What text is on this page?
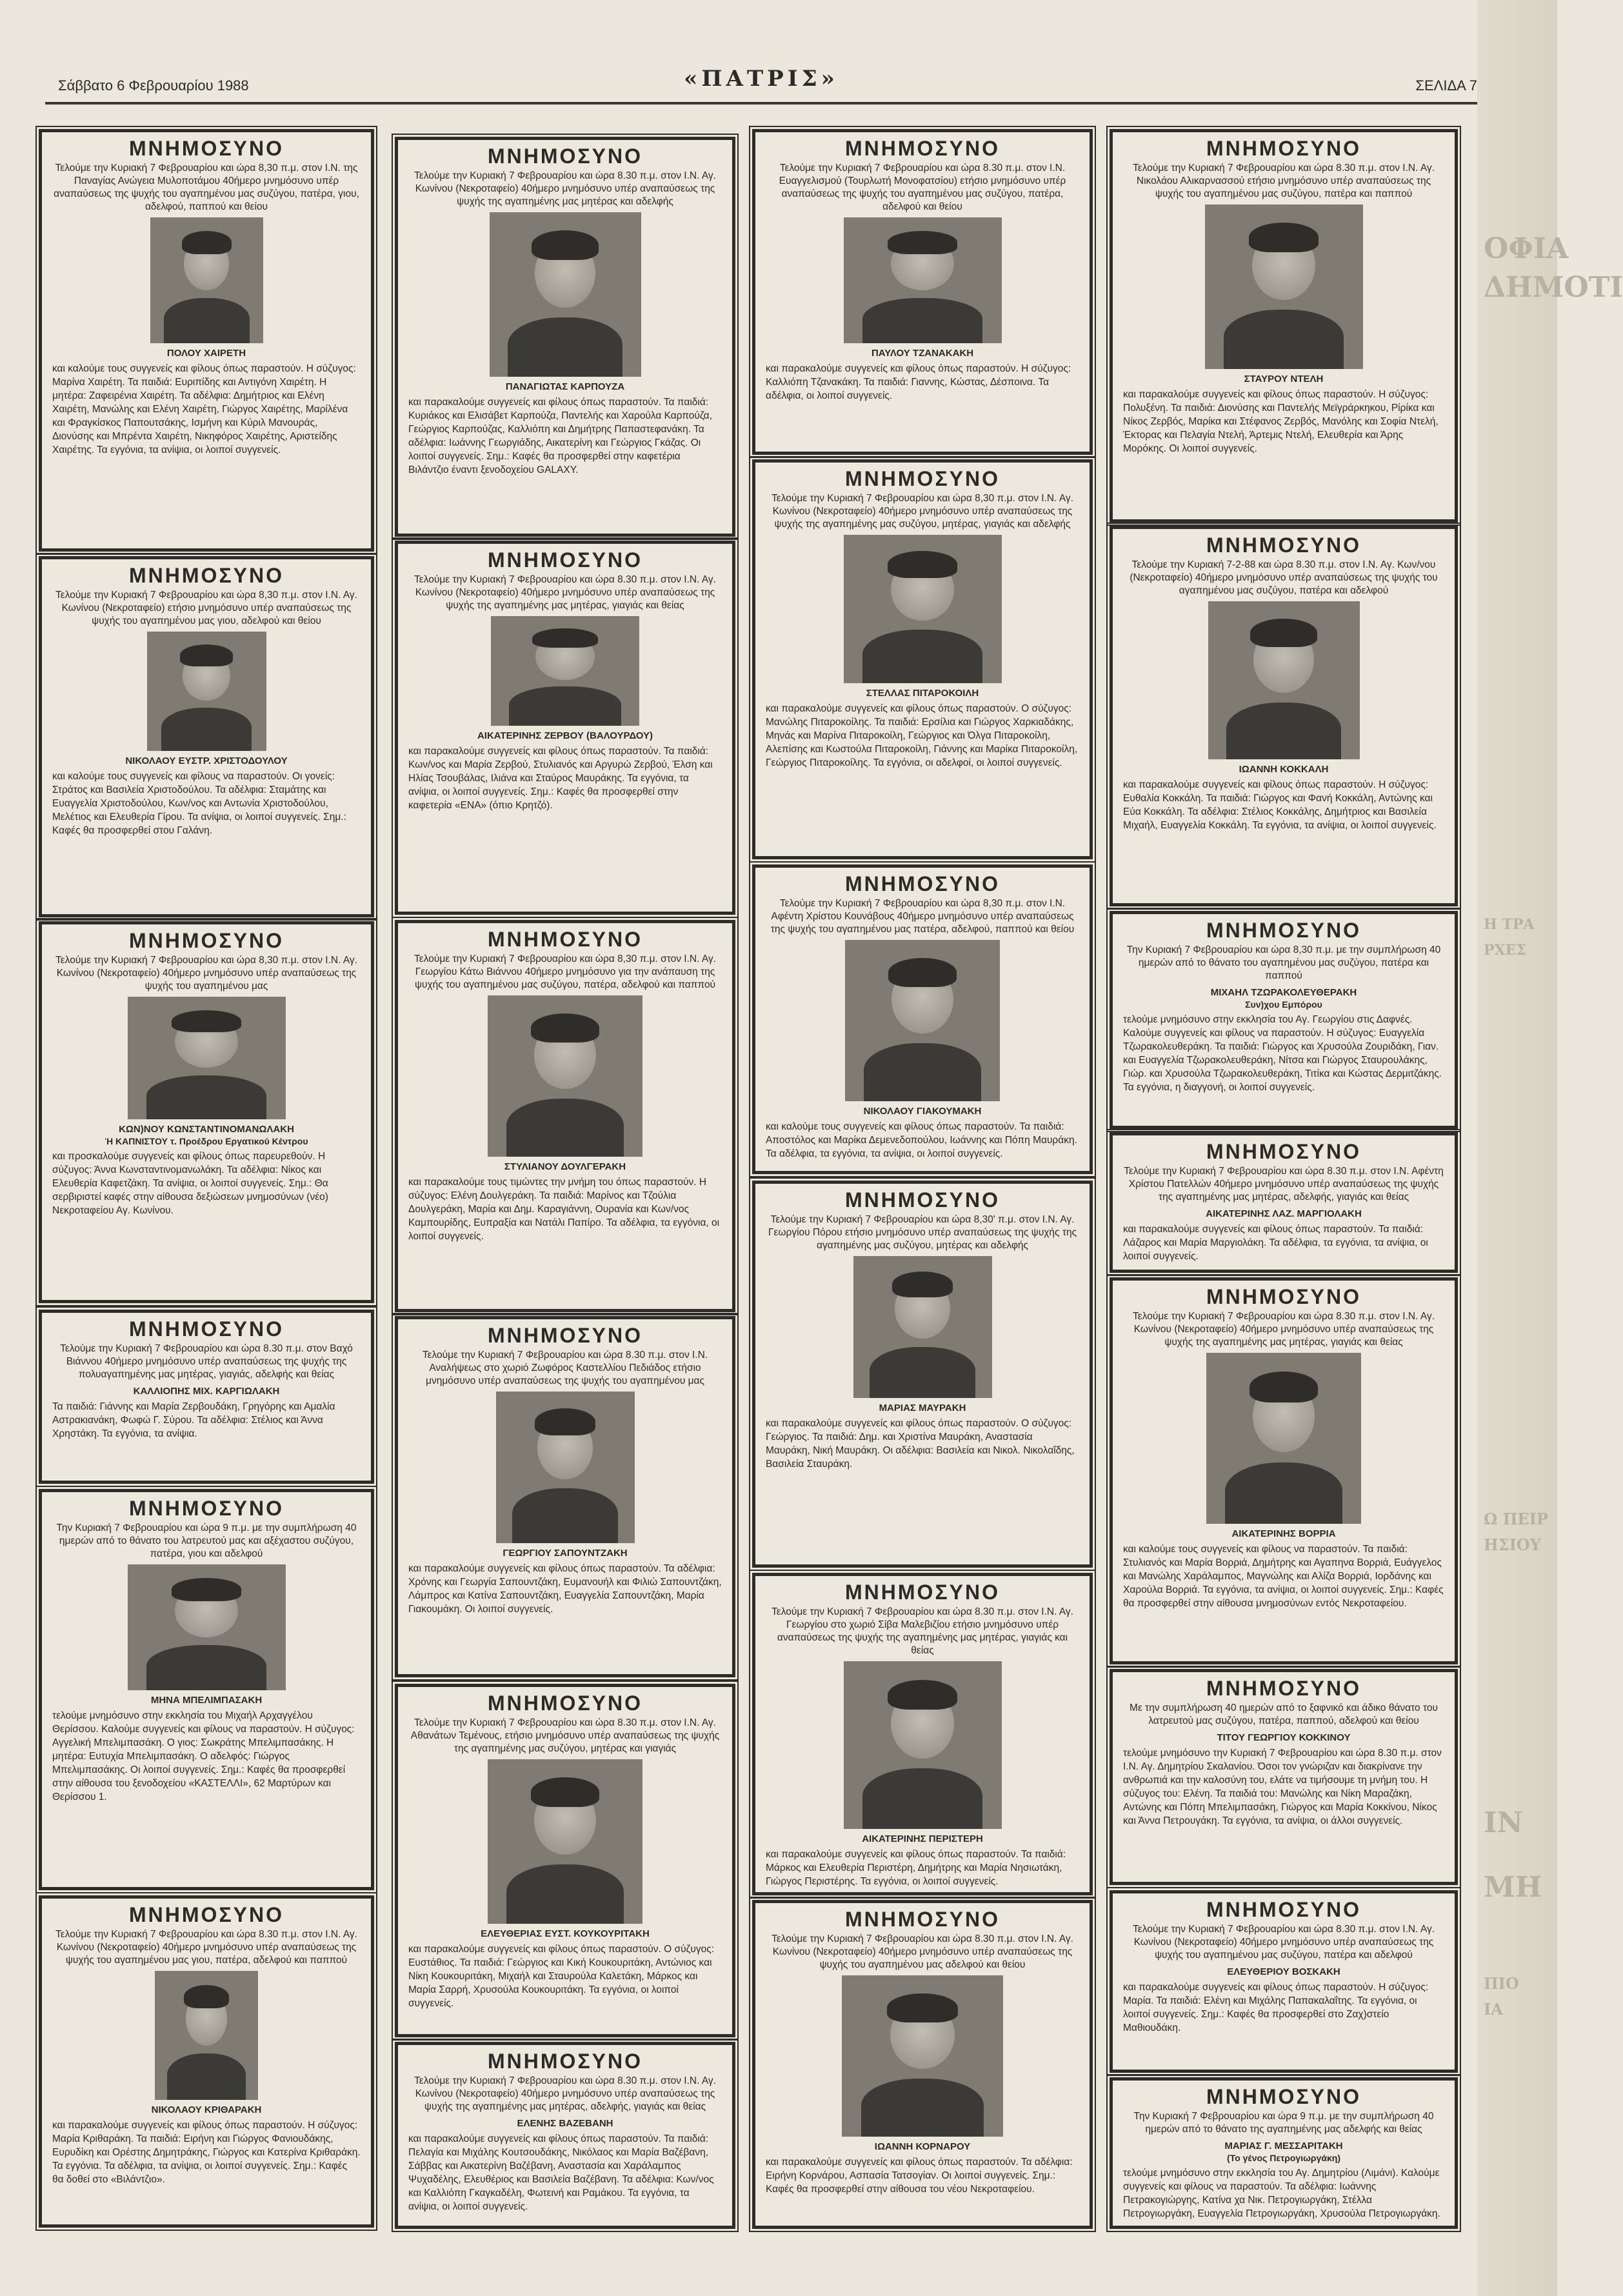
Σάββατο 6 Φεβρουαρίου 1988	«ΠΑΤΡΙΣ»	ΣΕΛΙΔΑ 7
ΟΦΙΑ
ΔΗΜΟΤΙ
ΙΝ
ΜΗ
Η ΤΡΑ
ΡΧΕΣ
Ω ΠΕΙΡ
ΗΣΙΟΥ
ΠΙΟ
ΙΑ
ΜΝΗΜΟΣΥΝΟ
Τελούμε την Κυριακή 7 Φεβρουαρίου και ώρα 8,30 π.μ. στον Ι.Ν. της Παναγίας Ανώγεια Μυλοποτάμου 40ήμερο μνημόσυνο υπέρ αναπαύσεως της ψυχής του αγαπημένου μας συζύγου, πατέρα, γιου, αδελφού, παππού και θείου
ΠΟΛΟΥ ΧΑΙΡΕΤΗ
και καλούμε τους συγγενείς και φίλους όπως παραστούν. Η σύζυγος: Μαρίνα Χαιρέτη. Τα παιδιά: Ευριπίδης και Αντιγόνη Χαιρέτη. Η μητέρα: Ζαφειρένια Χαιρέτη. Τα αδέλφια: Δημήτριος και Ελένη Χαιρέτη, Μανώλης και Ελένη Χαιρέτη, Γιώργος Χαιρέτης, Μαρίλένα και Φραγκίσκος Παπουτσάκης, Ισμήνη και Κύριλ Μανουράς, Διονύσης και Μπρέντα Χαιρέτη, Νικηφόρος Χαιρέτης, Αριστείδης Χαιρέτης. Τα εγγόνια, τα ανίψια, οι λοιποί συγγενείς.
ΜΝΗΜΟΣΥΝΟ
Τελούμε την Κυριακή 7 Φεβρουαρίου και ώρα 8,30 π.μ. στον Ι.Ν. Αγ. Κωνίνου (Νεκροταφείο) ετήσιο μνημόσυνο υπέρ αναπαύσεως της ψυχής του αγαπημένου μας γιου, αδελφού και θείου
ΝΙΚΟΛΑΟΥ ΕΥΣΤΡ. ΧΡΙΣΤΟΔΟΥΛΟΥ
και καλούμε τους συγγενείς και φίλους να παραστούν. Οι γονείς: Στράτος και Βασιλεία Χριστοδούλου. Τα αδέλφια: Σταμάτης και Ευαγγελία Χριστοδούλου, Κων/νος και Αντωνία Χριστοδούλου, Μελέτιος και Ελευθερία Γίρου. Τα ανίψια, οι λοιποί συγγενείς. Σημ.: Καφές θα προσφερθεί στου Γαλάνη.
ΜΝΗΜΟΣΥΝΟ
Τελούμε την Κυριακή 7 Φεβρουαρίου και ώρα 8,30 π.μ. στον Ι.Ν. Αγ. Κωνίνου (Νεκροταφείο) 40ήμερο μνημόσυνο υπέρ αναπαύσεως της ψυχής του αγαπημένου μας
ΚΩΝ)ΝΟΥ ΚΩΝΣΤΑΝΤΙΝΟΜΑΝΩΛΑΚΗ
Ή ΚΑΠΝΙΣΤΟΥ τ. Προέδρου Εργατικού Κέντρου
και προσκαλούμε συγγενείς και φίλους όπως παρευρεθούν. Η σύζυγος: Άννα Κωνσταντινομανωλάκη. Τα αδέλφια: Νίκος και Ελευθερία Καφετζάκη. Τα ανίψια, οι λοιποί συγγενείς. Σημ.: Θα σερβιριστεί καφές στην αίθουσα δεξιώσεων μνημοσύνων (νέο) Νεκροταφείου Αγ. Κωνίνου.
ΜΝΗΜΟΣΥΝΟ
Τελούμε την Κυριακή 7 Φεβρουαρίου και ώρα 8.30 π.μ. στον Βαχό Βιάννου 40ήμερο μνημόσυνο υπέρ αναπαύσεως της ψυχής της πολυαγαπημένης μας μητέρας, γιαγιάς, αδελφής και θείας
ΚΑΛΛΙΟΠΗΣ ΜΙΧ. ΚΑΡΓΙΩΛΑΚΗ
Τα παιδιά: Γιάννης και Μαρία Ζερβουδάκη, Γρηγόρης και Αμαλία Αστρακιανάκη, Φωφώ Γ. Σύρου. Τα αδέλφια: Στέλιος και Άννα Χρηστάκη. Τα εγγόνια, τα ανίψια.
ΜΝΗΜΟΣΥΝΟ
Την Κυριακή 7 Φεβρουαρίου και ώρα 9 π.μ. με την συμπλήρωση 40 ημερών από το θάνατο του λατρευτού μας και αξέχαστου συζύγου, πατέρα, γιου και αδελφού
ΜΗΝΑ ΜΠΕΛΙΜΠΑΣΑΚΗ
τελούμε μνημόσυνο στην εκκλησία του Μιχαήλ Αρχαγγέλου Θερίσσου. Καλούμε συγγενείς και φίλους να παραστούν. Η σύζυγος: Αγγελική Μπελιμπασάκη. Ο γιος: Σωκράτης Μπελιμπασάκης. Η μητέρα: Ευτυχία Μπελιμπασάκη. Ο αδελφός: Γιώργος Μπελιμπασάκης. Οι λοιποί συγγενείς. Σημ.: Καφές θα προσφερθεί στην αίθουσα του ξενοδοχείου «ΚΑΣΤΕΛΛΙ», 62 Μαρτύρων και Θερίσσου 1.
ΜΝΗΜΟΣΥΝΟ
Τελούμε την Κυριακή 7 Φεβρουαρίου και ώρα 8.30 π.μ. στον Ι.Ν. Αγ. Κωνίνου (Νεκροταφείο) 40ήμερο μνημόσυνο υπέρ αναπαύσεως της ψυχής του αγαπημένου μας γιου, πατέρα, αδελφού και παππού
ΝΙΚΟΛΑΟΥ ΚΡΙΘΑΡΑΚΗ
και παρακαλούμε συγγενείς και φίλους όπως παραστούν. Η σύζυγος: Μαρία Κριθαράκη. Τα παιδιά: Ειρήνη και Γιώργος Φανιουδάκης, Ευρυδίκη και Ορέστης Δημητράκης, Γιώργος και Κατερίνα Κριθαράκη. Τα εγγόνια. Τα αδέλφια, τα ανίψια, οι λοιποί συγγενείς. Σημ.: Καφές θα δοθεί στο «Βιλάντζιο».
ΜΝΗΜΟΣΥΝΟ
Τελούμε την Κυριακή 7 Φεβρουαρίου και ώρα 8.30 π.μ. στον Ι.Ν. Αγ. Κωνίνου (Νεκροταφείο) 40ήμερο μνημόσυνο υπέρ αναπαύσεως της ψυχής της αγαπημένης μας μητέρας και αδελφής
ΠΑΝΑΓΙΩΤΑΣ ΚΑΡΠΟΥΖΑ
και παρακαλούμε συγγενείς και φίλους όπως παραστούν. Τα παιδιά: Κυριάκος και Ελισάβετ Καρπούζα, Παντελής και Χαρούλα Καρπούζα, Γεώργιος Καρπούζας, Καλλιόπη και Δημήτρης Παπαστεφανάκη. Τα αδέλφια: Ιωάννης Γεωργιάδης, Αικατερίνη και Γεώργιος Γκάζας. Οι λοιποί συγγενείς. Σημ.: Καφές θα προσφερθεί στην καφετέρια Βιλάντζιο έναντι ξενοδοχείου GALAXY.
ΜΝΗΜΟΣΥΝΟ
Τελούμε την Κυριακή 7 Φεβρουαρίου και ώρα 8.30 π.μ. στον Ι.Ν. Αγ. Κωνίνου (Νεκροταφείο) 40ήμερο μνημόσυνο υπέρ αναπαύσεως της ψυχής της αγαπημένης μας μητέρας, γιαγιάς και θείας
ΑΙΚΑΤΕΡΙΝΗΣ ΖΕΡΒΟΥ (ΒΑΛΟΥΡΔΟΥ)
και παρακαλούμε συγγενείς και φίλους όπως παραστούν. Τα παιδιά: Κων/νος και Μαρία Ζερβού, Στυλιανός και Αργυρώ Ζερβού, Έλση και Ηλίας Τσουβάλας, Ιλιάνα και Σταύρος Μαυράκης. Τα εγγόνια, τα ανίψια, οι λοιποί συγγενείς. Σημ.: Καφές θα προσφερθεί στην καφετερία «ΕΝΑ» (όπιο Κρητζό).
ΜΝΗΜΟΣΥΝΟ
Τελούμε την Κυριακή 7 Φεβρουαρίου και ώρα 8,30 π.μ. στον Ι.Ν. Αγ. Γεωργίου Κάτω Βιάννου 40ήμερο μνημόσυνο για την ανάπαυση της ψυχής του αγαπημένου μας συζύγου, πατέρα, αδελφού και παππού
ΣΤΥΛΙΑΝΟΥ ΔΟΥΛΓΕΡΑΚΗ
και παρακαλούμε τους τιμώντες την μνήμη του όπως παραστούν. Η σύζυγος: Ελένη Δουλγεράκη. Τα παιδιά: Μαρίνος και Τζούλια Δουλγεράκη, Μαρία και Δημ. Καραγιάννη, Ουρανία και Κων/νος Καμπουρίδης, Ευπραξία και Νατάλι Παπίρο. Τα αδέλφια, τα εγγόνια, οι λοιποί συγγενείς.
ΜΝΗΜΟΣΥΝΟ
Τελούμε την Κυριακή 7 Φεβρουαρίου και ώρα 8.30 π.μ. στον Ι.Ν. Αναλήψεως στο χωριό Ζωφόρος Καστελλίου Πεδιάδος ετήσιο μνημόσυνο υπέρ αναπαύσεως της ψυχής του αγαπημένου μας
ΓΕΩΡΓΙΟΥ ΣΑΠΟΥΝΤΖΑΚΗ
και παρακαλούμε συγγενείς και φίλους όπως παραστούν. Τα αδέλφια: Χρόνης και Γεωργία Σαπουντζάκη, Ευμανουήλ και Φιλιώ Σαπουντζάκη, Λάμπρος και Κατίνα Σαπουντζάκη, Ευαγγελία Σαπουντζάκη, Μαρία Γιακουμάκη. Οι λοιποί συγγενείς.
ΜΝΗΜΟΣΥΝΟ
Τελούμε την Κυριακή 7 Φεβρουαρίου και ώρα 8.30 π.μ. στον Ι.Ν. Αγ. Αθανάτων Τεμένους, ετήσιο μνημόσυνο υπέρ αναπαύσεως της ψυχής της αγαπημένης μας συζύγου, μητέρας και γιαγιάς
ΕΛΕΥΘΕΡΙΑΣ ΕΥΣΤ. ΚΟΥΚΟΥΡΙΤΑΚΗ
και παρακαλούμε συγγενείς και φίλους όπως παραστούν. Ο σύζυγος: Ευστάθιος. Τα παιδιά: Γεώργιος και Κική Κουκουριτάκη, Αντώνιος και Νίκη Κουκουριτάκη, Μιχαήλ και Σταυρούλα Καλετάκη, Μάρκος και Μαρία Σαρρή, Χρυσούλα Κουκουριτάκη. Τα εγγόνια, οι λοιποί συγγενείς.
ΜΝΗΜΟΣΥΝΟ
Τελούμε την Κυριακή 7 Φεβρουαρίου και ώρα 8.30 π.μ. στον Ι.Ν. Αγ. Κωνίνου (Νεκροταφείο) 40ήμερο μνημόσυνο υπέρ αναπαύσεως της ψυχής της αγαπημένης μας μητέρας, αδελφής, γιαγιάς και θείας
ΕΛΕΝΗΣ ΒΑΖΕΒΑΝΗ
και παρακαλούμε συγγενείς και φίλους όπως παραστούν. Τα παιδιά: Πελαγία και Μιχάλης Κουτσουδάκης, Νικόλαος και Μαρία Βαζέβανη, Σάββας και Αικατερίνη Βαζέβανη, Αναστασία και Χαράλαμπος Ψυχαδέλης, Ελευθέριος και Βασιλεία Βαζέβανη. Τα αδέλφια: Κων/νος και Καλλιόπη Γκαγκαδέλη, Φωτεινή και Ραμάκου. Τα εγγόνια, τα ανίψια, οι λοιποί συγγενείς.
ΜΝΗΜΟΣΥΝΟ
Τελούμε την Κυριακή 7 Φεβρουαρίου και ώρα 8.30 π.μ. στον Ι.Ν. Ευαγγελισμού (Τουρλωτή Μονοφατσίου) ετήσιο μνημόσυνο υπέρ αναπαύσεως της ψυχής του αγαπημένου μας συζύγου, πατέρα, αδελφού και θείου
ΠΑΥΛΟΥ ΤΖΑΝΑΚΑΚΗ
και παρακαλούμε συγγενείς και φίλους όπως παραστούν. Η σύζυγος: Καλλιόπη Τζανακάκη. Τα παιδιά: Γιαννης, Κώστας, Δέσποινα. Τα αδέλφια, οι λοιποί συγγενείς.
ΜΝΗΜΟΣΥΝΟ
Τελούμε την Κυριακή 7 Φεβρουαρίου και ώρα 8,30 π.μ. στον Ι.Ν. Αγ. Κωνίνου (Νεκροταφείο) 40ήμερο μνημόσυνο υπέρ αναπαύσεως της ψυχής της αγαπημένης μας συζύγου, μητέρας, γιαγιάς και αδελφής
ΣΤΕΛΛΑΣ ΠΙΤΑΡΟΚΟΙΛΗ
και παρακαλούμε συγγενείς και φίλους όπως παραστούν. Ο σύζυγος: Μανώλης Πιταροκοίλης. Τα παιδιά: Ερσίλια και Γιώργος Χαρκιαδάκης, Μηνάς και Μαρίνα Πιταροκοίλη, Γεώργιος και Όλγα Πιταροκοίλη, Αλεπίσης και Κωστούλα Πιταροκοίλη, Γιάννης και Μαρίκα Πιταροκοίλη, Γεώργιος Πιταροκοίλης. Τα εγγόνια, οι αδελφοί, οι λοιποί συγγενείς.
ΜΝΗΜΟΣΥΝΟ
Τελούμε την Κυριακή 7 Φεβρουαρίου και ώρα 8,30 π.μ. στον Ι.Ν. Αφέντη Χρίστου Κουνάβους 40ήμερο μνημόσυνο υπέρ αναπαύσεως της ψυχής του αγαπημένου μας πατέρα, αδελφού, παππού και θείου
ΝΙΚΟΛΑΟΥ ΓΙΑΚΟΥΜΑΚΗ
και καλούμε τους συγγενείς και φίλους όπως παραστούν. Τα παιδιά: Αποστόλος και Μαρίκα Δεμενεδοπούλου, Ιωάννης και Πόπη Μαυράκη. Τα αδέλφια, τα εγγόνια, τα ανίψια, οι λοιποί συγγενείς.
ΜΝΗΜΟΣΥΝΟ
Τελούμε την Κυριακή 7 Φεβρουαρίου και ώρα 8,30' π.μ. στον Ι.Ν. Αγ. Γεωργίου Πόρου ετήσιο μνημόσυνο υπέρ αναπαύσεως της ψυχής της αγαπημένης μας συζύγου, μητέρας και αδελφής
ΜΑΡΙΑΣ ΜΑΥΡΑΚΗ
και παρακαλούμε συγγενείς και φίλους όπως παραστούν. Ο σύζυγος: Γεώργιος. Τα παιδιά: Δημ. και Χριστίνα Μαυράκη, Αναστασία Μαυράκη, Νική Μαυράκη. Οι αδέλφια: Βασιλεία και Νικολ. Νικολαΐδης, Βασιλεία Σταυράκη.
ΜΝΗΜΟΣΥΝΟ
Τελούμε την Κυριακή 7 Φεβρουαρίου και ώρα 8.30 π.μ. στον Ι.Ν. Αγ. Γεωργίου στο χωριό Σίβα Μαλεβιζίου ετήσιο μνημόσυνο υπέρ αναπαύσεως της ψυχής της αγαπημένης μας μητέρας, γιαγιάς και θείας
ΑΙΚΑΤΕΡΙΝΗΣ ΠΕΡΙΣΤΕΡΗ
και παρακαλούμε συγγενείς και φίλους όπως παραστούν. Τα παιδιά: Μάρκος και Ελευθερία Περιστέρη, Δημήτρης και Μαρία Νησιωτάκη, Γιώργος Περιστέρης. Τα εγγόνια, οι λοιποί συγγενείς.
ΜΝΗΜΟΣΥΝΟ
Τελούμε την Κυριακή 7 Φεβρουαρίου και ώρα 8.30 π.μ. στον Ι.Ν. Αγ. Κωνίνου (Νεκροταφείο) 40ήμερο μνημόσυνο υπέρ αναπαύσεως της ψυχής του αγαπημένου μας αδελφού και θείου
ΙΩΑΝΝΗ ΚΟΡΝΑΡΟΥ
και παρακαλούμε συγγενείς και φίλους όπως παραστούν. Τα αδέλφια: Ειρήνη Κορνάρου, Ασπασία Τατσογίαν. Οι λοιποί συγγενείς. Σημ.: Καφές θα προσφερθεί στην αίθουσα του νέου Νεκροταφείου.
ΜΝΗΜΟΣΥΝΟ
Τελούμε την Κυριακή 7 Φεβρουαρίου και ώρα 8.30 π.μ. στον Ι.Ν. Αγ. Νικολάου Αλικαρνασσού ετήσιο μνημόσυνο υπέρ αναπαύσεως της ψυχής του αγαπημένου μας συζύγου, πατέρα και παππού
ΣΤΑΥΡΟΥ ΝΤΕΛΗ
και παρακαλούμε συγγενείς και φίλους όπως παραστούν. Η σύζυγος: Πολυξένη. Τα παιδιά: Διονύσης και Παντελής Μεϊγράρκηκου, Ρίρίκα και Νίκος Ζερβός, Μαρίκα και Στέφανος Ζερβός, Μανόλης και Σοφία Ντελή, Έκτορας και Πελαγία Ντελή, Άρτεμις Ντελή, Ελευθερία και Άρης Μορόκης. Οι λοιποί συγγενείς.
ΜΝΗΜΟΣΥΝΟ
Τελούμε την Κυριακή 7-2-88 και ώρα 8.30 π.μ. στον Ι.Ν. Αγ. Κων/νου (Νεκροταφείο) 40ήμερο μνημόσυνο υπέρ αναπαύσεως της ψυχής του αγαπημένου μας συζύγου, πατέρα και αδελφού
ΙΩΑΝΝΗ ΚΟΚΚΑΛΗ
και παρακαλούμε συγγενείς και φίλους όπως παραστούν. Η σύζυγος: Ευθαλία Κοκκάλη. Τα παιδιά: Γιώργος και Φανή Κοκκάλη, Αντώνης και Εύα Κοκκάλη. Τα αδέλφια: Στέλιος Κοκκάλης, Δημήτριος και Βασιλεία Μιχαήλ, Ευαγγελία Κοκκάλη. Τα εγγόνια, τα ανίψια, οι λοιποί συγγενείς.
ΜΝΗΜΟΣΥΝΟ
Την Κυριακή 7 Φεβρουαρίου και ώρα 8,30 π.μ. με την συμπλήρωση 40 ημερών από το θάνατο του αγαπημένου μας συζύγου, πατέρα και παππού
ΜΙΧΑΗΛ ΤΖΩΡΑΚΟΛΕΥΘΕΡΑΚΗ
Συν)χου Εμπόρου
τελούμε μνημόσυνο στην εκκλησία του Αγ. Γεωργίου στις Δαφνές. Καλούμε συγγενείς και φίλους να παραστούν. Η σύζυγος: Ευαγγελία Τζωρακολευθεράκη. Τα παιδιά: Γιώργος και Χρυσούλα Ζουριδάκη, Γιαν. και Ευαγγελία Τζωρακολευθεράκη, Νίτσα και Γιώργος Σταυρουλάκης, Γιώρ. και Χρυσούλα Τζωρακολευθεράκη, Τιτίκα και Κώστας Δερμιτζάκης. Τα εγγόνια, η διαγγονή, οι λοιποί συγγενείς.
ΜΝΗΜΟΣΥΝΟ
Τελούμε την Κυριακή 7 Φεβρουαρίου και ώρα 8.30 π.μ. στον Ι.Ν. Αφέντη Χρίστου Πατελλών 40ήμερο μνημόσυνο υπέρ αναπαύσεως της ψυχής της αγαπημένης μας μητέρας, αδελφής, γιαγιάς και θείας
ΑΙΚΑΤΕΡΙΝΗΣ ΛΑΖ. ΜΑΡΓΙΟΛΑΚΗ
και παρακαλούμε συγγενείς και φίλους όπως παραστούν. Τα παιδιά: Λάζαρος και Μαρία Μαργιολάκη. Τα αδέλφια, τα εγγόνια, τα ανίψια, οι λοιποί συγγενείς.
ΜΝΗΜΟΣΥΝΟ
Τελούμε την Κυριακή 7 Φεβρουαρίου και ώρα 8.30 π.μ. στον Ι.Ν. Αγ. Κωνίνου (Νεκροταφείο) 40ήμερο μνημόσυνο υπέρ αναπαύσεως της ψυχής της αγαπημένης μας μητέρας, γιαγιάς και θείας
ΑΙΚΑΤΕΡΙΝΗΣ ΒΟΡΡΙΑ
και καλούμε τους συγγενείς και φίλους να παραστούν. Τα παιδιά: Στυλιανός και Μαρία Βορριά, Δημήτρης και Αγαπηνα Βορριά, Ευάγγελος και Μανώλης Χαράλαμπος, Μαγνώλης και Αλίζα Βορριά, Ιορδάνης και Χαρούλα Βορριά. Τα εγγόνια, τα ανίψια, οι λοιποί συγγενείς. Σημ.: Καφές θα προσφερθεί στην αίθουσα μνημοσύνων εντός Νεκροταφείου.
ΜΝΗΜΟΣΥΝΟ
Με την συμπλήρωση 40 ημερών από το ξαφνικό και άδικο θάνατο του λατρευτού μας συζύγου, πατέρα, παππού, αδελφού και θείου
ΤΙΤΟΥ ΓΕΩΡΓΙΟΥ ΚΟΚΚΙΝΟΥ
τελούμε μνημόσυνο την Κυριακή 7 Φεβρουαρίου και ώρα 8.30 π.μ. στον Ι.Ν. Αγ. Δημητρίου Σκαλανίου. Όσοι τον γνώριζαν και διακρίνανε την ανθρωπιά και την καλοσύνη του, ελάτε να τιμήσουμε τη μνήμη του. Η σύζυγος του: Ελένη. Τα παιδιά του: Μανώλης και Νίκη Μαραζάκη, Αντώνης και Πόπη Μπελιμπασάκη, Γιώργος και Μαρία Κοκκίνου, Νίκος και Άννα Πετρουγάκη. Τα εγγόνια, τα ανίψια, οι άλλοι συγγενείς.
ΜΝΗΜΟΣΥΝΟ
Τελούμε την Κυριακή 7 Φεβρουαρίου και ώρα 8.30 π.μ. στον Ι.Ν. Αγ. Κωνίνου (Νεκροταφείο) 40ήμερο μνημόσυνο υπέρ αναπαύσεως της ψυχής του αγαπημένου μας συζύγου, πατέρα και αδελφού
ΕΛΕΥΘΕΡΙΟΥ ΒΟΣΚΑΚΗ
και παρακαλούμε συγγενείς και φίλους όπως παραστούν. Η σύζυγος: Μαρία. Τα παιδιά: Ελένη και Μιχάλης Παπακαλαΐτης. Τα εγγόνια, οι λοιποί συγγενείς. Σημ.: Καφές θα προσφερθεί στο Ζαχ)στείο Μαθιουδάκη.
ΜΝΗΜΟΣΥΝΟ
Την Κυριακή 7 Φεβρουαρίου και ώρα 9 π.μ. με την συμπλήρωση 40 ημερών από το θάνατο της αγαπημένης μας αδελφής και θείας
ΜΑΡΙΑΣ Γ. ΜΕΣΣΑΡΙΤΑΚΗ
(Το γένος Πετρογιωργάκη)
τελούμε μνημόσυνο στην εκκλησία του Αγ. Δημητρίου (Λιμάνι). Καλούμε συγγενείς και φίλους να παραστούν. Τα αδέλφια: Ιωάννης Πετρακογιώργης, Κατίνα χα Νικ. Πετρογιωργάκη, Στέλλα Πετρογιωργάκη, Ευαγγελία Πετρογιωργάκη, Χρυσούλα Πετρογιωργάκη.
